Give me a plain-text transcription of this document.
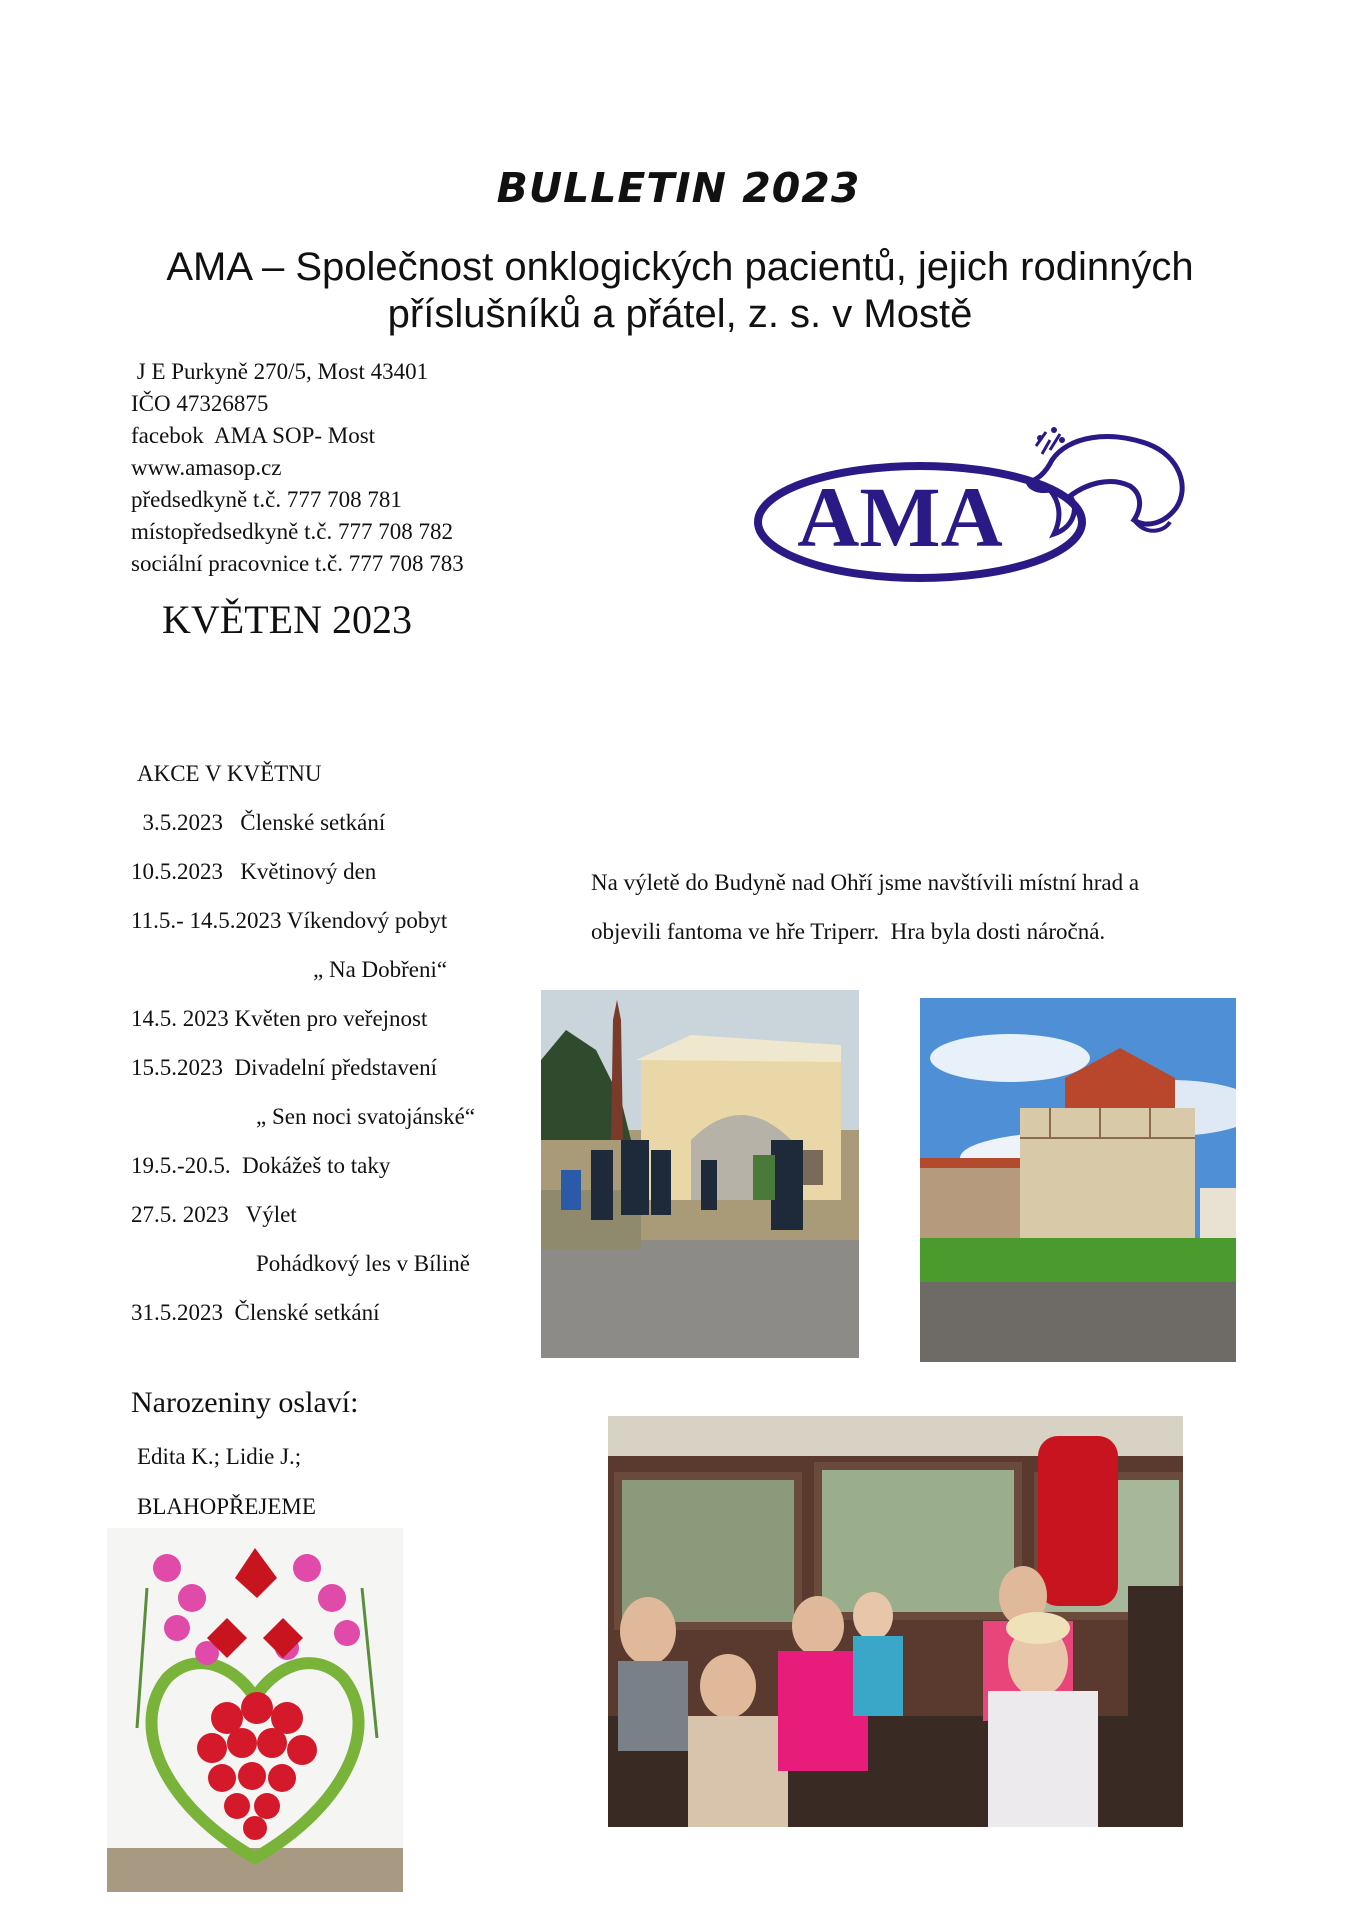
BULLETIN 2023
AMA – Společnost onklogických pacientů, jejich rodinných
příslušníků a přátel, z. s. v Mostě
J E Purkyně 270/5, Most 43401
IČO 47326875
facebok  AMA SOP- Most
www.amasop.cz
předsedkyně t.č. 777 708 781
místopředsedkyně t.č. 777 708 782
sociální pracovnice t.č. 777 708 783	AMA
KVĚTEN 2023
AKCE V KVĚTNU
3.5.2023   Členské setkání
10.5.2023   Květinový den
11.5.- 14.5.2023 Víkendový pobyt
„ Na Dobřeni“
14.5. 2023 Květen pro veřejnost
15.5.2023  Divadelní představení
„ Sen noci svatojánské“
19.5.-20.5.  Dokážeš to taky
27.5. 2023   Výlet
Pohádkový les v Bílině
31.5.2023  Členské setkání
Na výletě do Budyně nad Ohří jsme navštívili místní hrad a
objevili fantoma ve hře Triperr.  Hra byla dosti náročná.
Narozeniny oslaví:
Edita K.; Lidie J.;
BLAHOPŘEJEME
